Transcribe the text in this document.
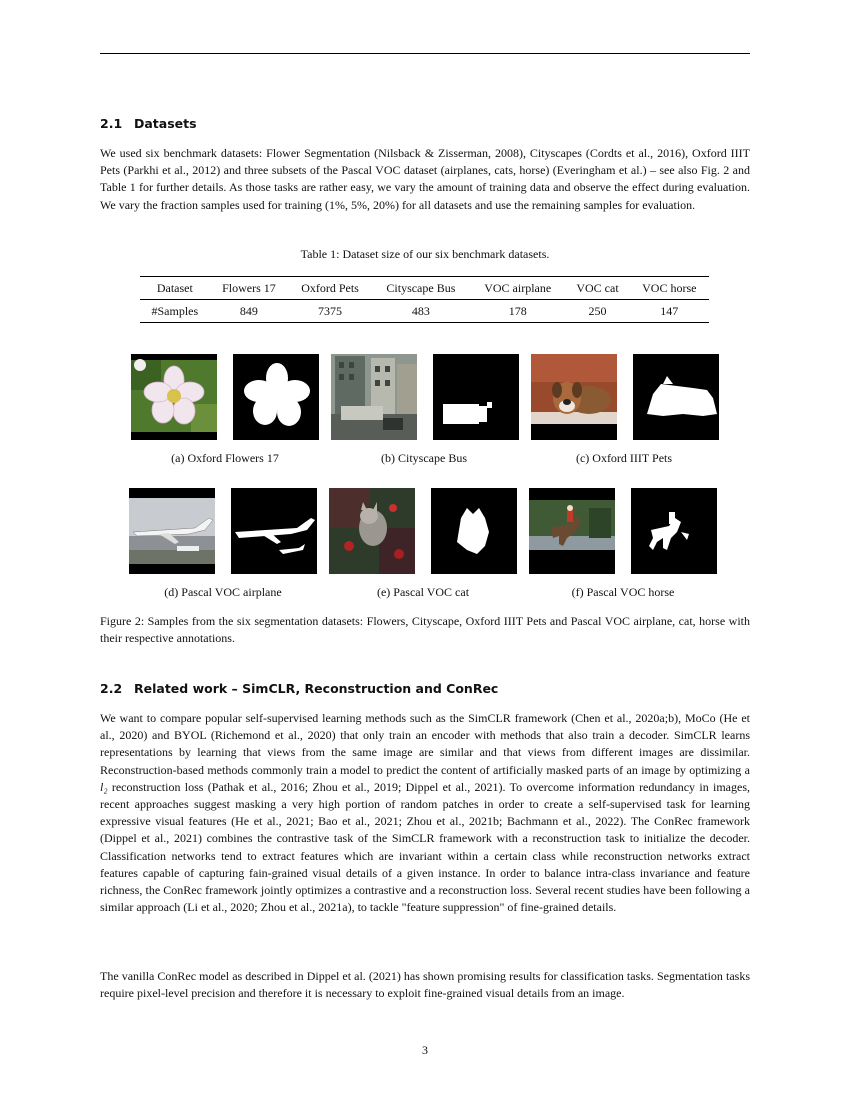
2.1 Datasets

We used six benchmark datasets: Flower Segmentation (Nilsback & Zisserman, 2008), Cityscapes (Cordts et al., 2016), Oxford IIIT Pets (Parkhi et al., 2012) and three subsets of the Pascal VOC dataset (airplanes, cats, horse) (Everingham et al.) – see also Fig. 2 and Table 1 for further details. As those tasks are rather easy, we vary the amount of training data and observe the effect during evaluation. We vary the fraction samples used for training (1%, 5%, 20%) for all datasets and use the remaining samples for evaluation.

Table 1: Dataset size of our six benchmark datasets.

Dataset	Flowers 17	Oxford Pets	Cityscape Bus	VOC airplane	VOC cat	VOC horse
#Samples	849	7375	483	178	250	147

(a) Oxford Flowers 17	(b) Cityscape Bus	(c) Oxford IIIT Pets

(d) Pascal VOC airplane	(e) Pascal VOC cat	(f) Pascal VOC horse

Figure 2: Samples from the six segmentation datasets: Flowers, Cityscape, Oxford IIIT Pets and Pascal VOC airplane, cat, horse with their respective annotations.

2.2 Related work – SimCLR, Reconstruction and ConRec

We want to compare popular self-supervised learning methods such as the SimCLR framework (Chen et al., 2020a;b), MoCo (He et al., 2020) and BYOL (Richemond et al., 2020) that only train an encoder with methods that also train a decoder. SimCLR learns representations by learning that views from the same image are similar and that views from different images are dissimilar. Reconstruction-based methods commonly train a model to predict the content of artificially masked parts of an image by optimizing a l₂ reconstruction loss (Pathak et al., 2016; Zhou et al., 2019; Dippel et al., 2021). To overcome information redundancy in images, recent approaches suggest masking a very high portion of random patches in order to create a self-supervised task for learning expressive visual features (He et al., 2021; Bao et al., 2021; Zhou et al., 2021b; Bachmann et al., 2022). The ConRec framework (Dippel et al., 2021) combines the contrastive task of the SimCLR framework with a reconstruction task to initialize the decoder. Classification networks tend to extract features which are invariant within a certain class while reconstruction networks extract features capable of capturing fain-grained visual details of a given instance. In order to balance intra-class invariance and feature richness, the ConRec framework jointly optimizes a contrastive and a reconstruction loss. Several recent studies have been following a similar approach (Li et al., 2020; Zhou et al., 2021a), to tackle "feature suppression" of fine-grained details.

The vanilla ConRec model as described in Dippel et al. (2021) has shown promising results for classification tasks. Segmentation tasks require pixel-level precision and therefore it is necessary to exploit fine-grained visual details from an image.

3
